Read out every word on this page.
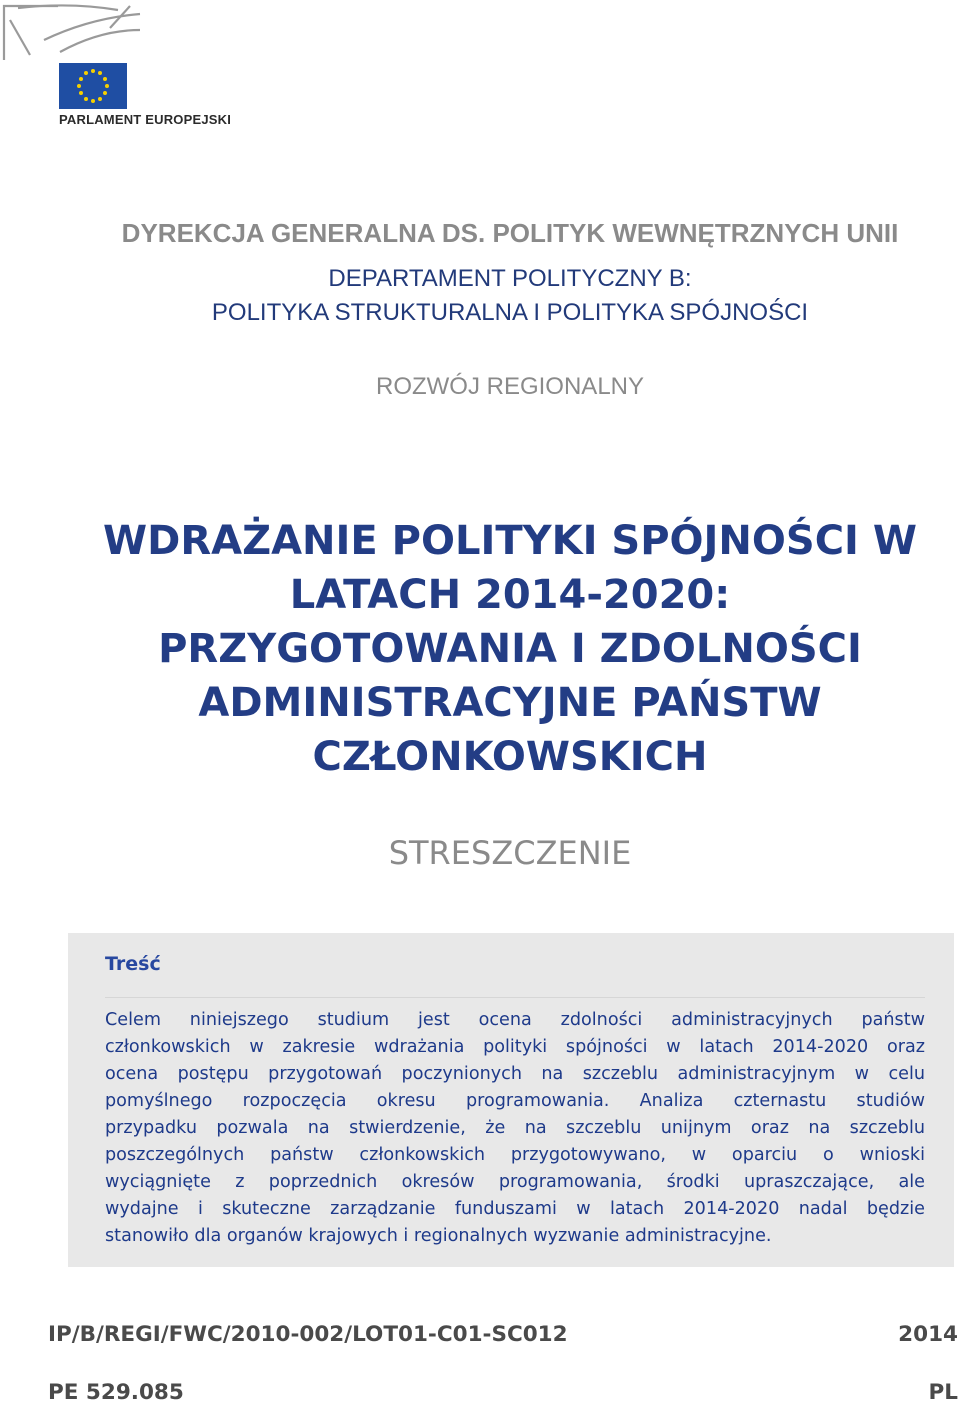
PARLAMENT EUROPEJSKI
DYREKCJA GENERALNA DS. POLITYK WEWNĘTRZNYCH UNII
DEPARTAMENT POLITYCZNY B:
POLITYKA STRUKTURALNA I POLITYKA SPÓJNOŚCI
ROZWÓJ REGIONALNY
WDRAŻANIE POLITYKI SPÓJNOŚCI W
LATACH 2014-2020:
PRZYGOTOWANIA I ZDOLNOŚCI
ADMINISTRACYJNE PAŃSTW
CZŁONKOWSKICH
STRESZCZENIE
Treść
Celem niniejszego studium jest ocena zdolności administracyjnych państw
członkowskich w zakresie wdrażania polityki spójności w latach 2014-2020 oraz
ocena postępu przygotowań poczynionych na szczeblu administracyjnym w celu
pomyślnego rozpoczęcia okresu programowania. Analiza czternastu studiów
przypadku pozwala na stwierdzenie, że na szczeblu unijnym oraz na szczeblu
poszczególnych państw członkowskich przygotowywano, w oparciu o wnioski
wyciągnięte z poprzednich okresów programowania, środki upraszczające, ale
wydajne i skuteczne zarządzanie funduszami w latach 2014-2020 nadal będzie
stanowiło dla organów krajowych i regionalnych wyzwanie administracyjne.
IP/B/REGI/FWC/2010-002/LOT01-C01-SC012	2014
PE 529.085	PL
